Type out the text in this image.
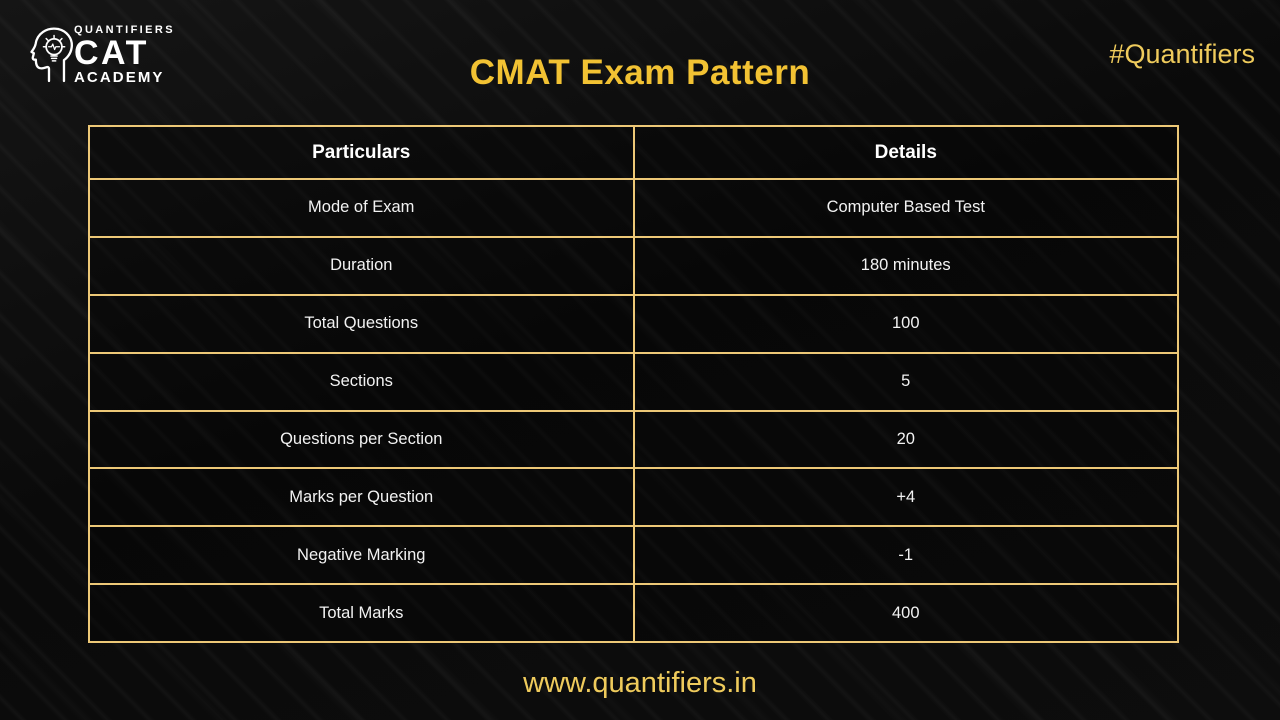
QUANTIFIERS
CAT
ACADEMY	CMAT Exam Pattern	#Quantifiers
Particulars	Details
Mode of Exam	Computer Based Test
Duration	180 minutes
Total Questions	100
Sections	5
Questions per Section	20
Marks per Question	+4
Negative Marking	-1
Total Marks	400
www.quantifiers.in
